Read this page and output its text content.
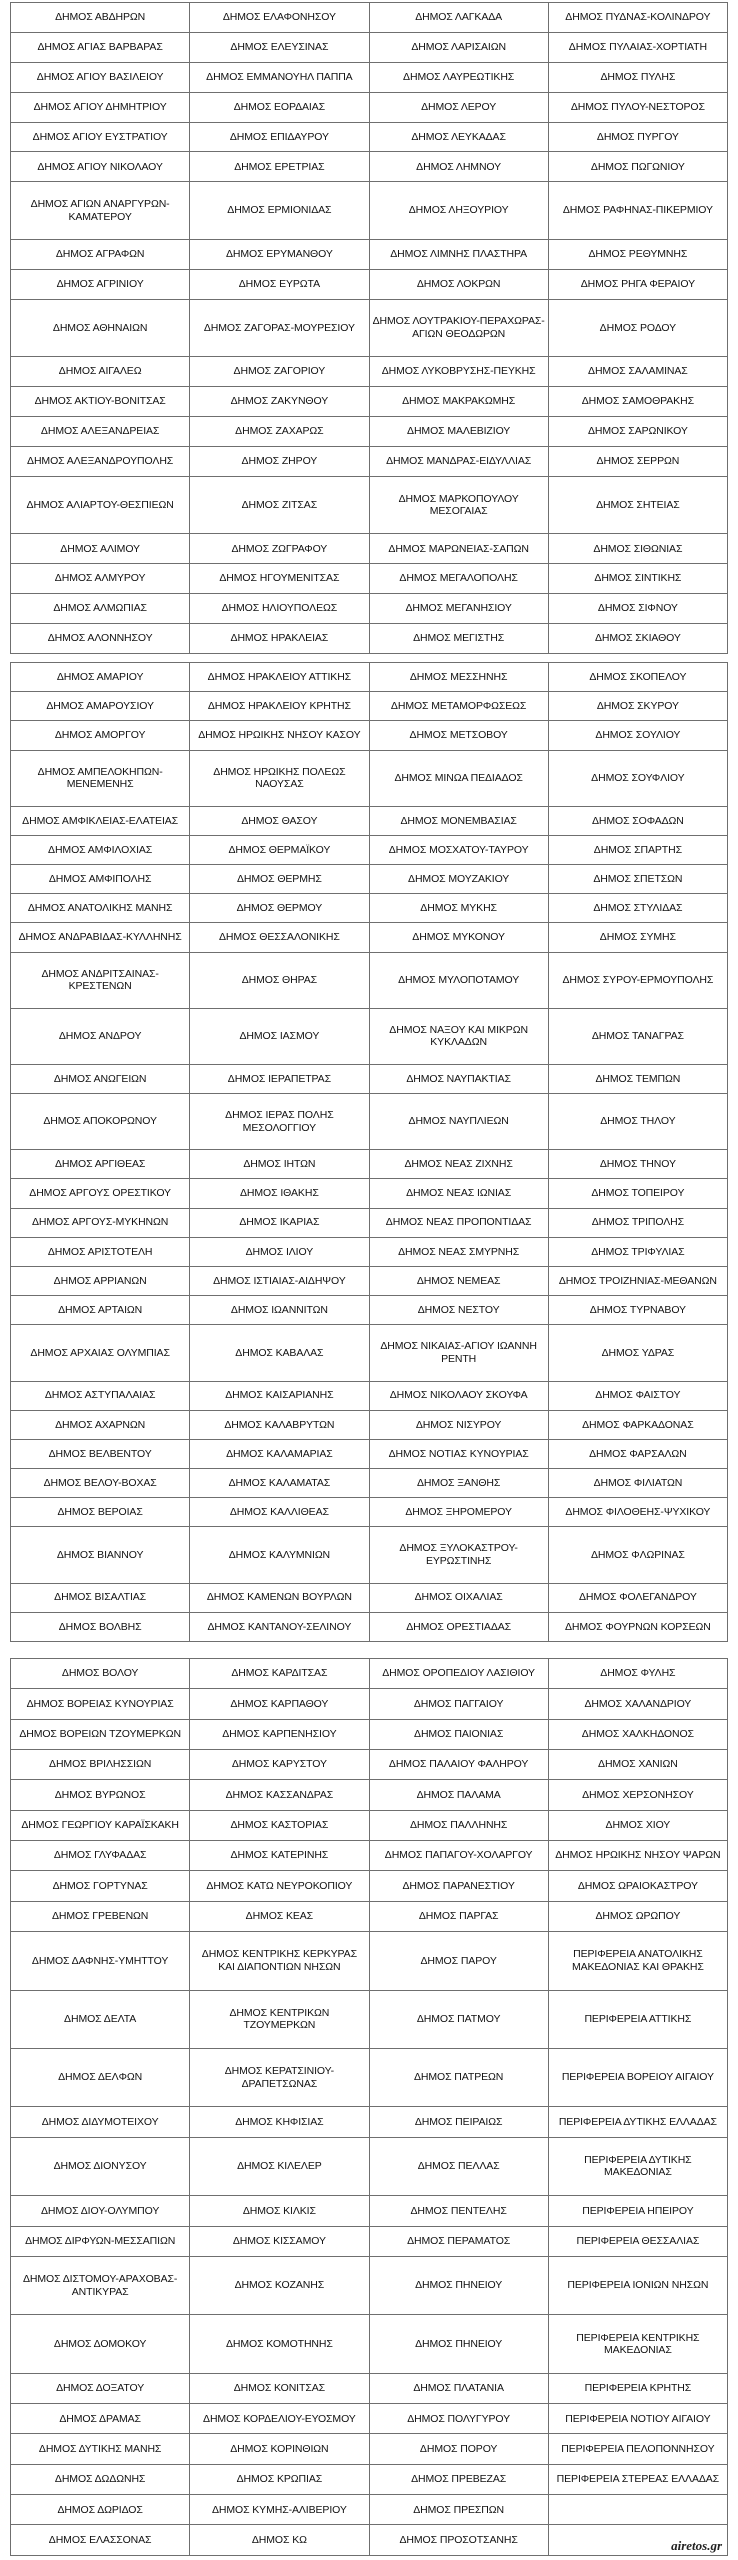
ΔΗΜΟΣ ΑΒΔΗΡΩΝ	ΔΗΜΟΣ ΕΛΑΦΟΝΗΣΟΥ	ΔΗΜΟΣ ΛΑΓΚΑΔΑ	ΔΗΜΟΣ ΠΥΔΝΑΣ-ΚΟΛΙΝΔΡΟΥ
ΔΗΜΟΣ ΑΓΙΑΣ ΒΑΡΒΑΡΑΣ	ΔΗΜΟΣ ΕΛΕΥΣΙΝΑΣ	ΔΗΜΟΣ ΛΑΡΙΣΑΙΩΝ	ΔΗΜΟΣ ΠΥΛΑΙΑΣ-ΧΟΡΤΙΑΤΗ
ΔΗΜΟΣ ΑΓΙΟΥ ΒΑΣΙΛΕΙΟΥ	ΔΗΜΟΣ ΕΜΜΑΝΟΥΗΛ ΠΑΠΠΑ	ΔΗΜΟΣ ΛΑΥΡΕΩΤΙΚΗΣ	ΔΗΜΟΣ ΠΥΛΗΣ
ΔΗΜΟΣ ΑΓΙΟΥ ΔΗΜΗΤΡΙΟΥ	ΔΗΜΟΣ ΕΟΡΔΑΙΑΣ	ΔΗΜΟΣ ΛΕΡΟΥ	ΔΗΜΟΣ ΠΥΛΟΥ-ΝΕΣΤΟΡΟΣ
ΔΗΜΟΣ ΑΓΙΟΥ ΕΥΣΤΡΑΤΙΟΥ	ΔΗΜΟΣ ΕΠΙΔΑΥΡΟΥ	ΔΗΜΟΣ ΛΕΥΚΑΔΑΣ	ΔΗΜΟΣ ΠΥΡΓΟΥ
ΔΗΜΟΣ ΑΓΙΟΥ ΝΙΚΟΛΑΟΥ	ΔΗΜΟΣ ΕΡΕΤΡΙΑΣ	ΔΗΜΟΣ ΛΗΜΝΟΥ	ΔΗΜΟΣ ΠΩΓΩΝΙΟΥ
ΔΗΜΟΣ ΑΓΙΩΝ ΑΝΑΡΓΥΡΩΝ-ΚΑΜΑΤΕΡΟΥ	ΔΗΜΟΣ ΕΡΜΙΟΝΙΔΑΣ	ΔΗΜΟΣ ΛΗΞΟΥΡΙΟΥ	ΔΗΜΟΣ ΡΑΦΗΝΑΣ-ΠΙΚΕΡΜΙΟΥ
ΔΗΜΟΣ ΑΓΡΑΦΩΝ	ΔΗΜΟΣ ΕΡΥΜΑΝΘΟΥ	ΔΗΜΟΣ ΛΙΜΝΗΣ ΠΛΑΣΤΗΡΑ	ΔΗΜΟΣ ΡΕΘΥΜΝΗΣ
ΔΗΜΟΣ ΑΓΡΙΝΙΟΥ	ΔΗΜΟΣ ΕΥΡΩΤΑ	ΔΗΜΟΣ ΛΟΚΡΩΝ	ΔΗΜΟΣ ΡΗΓΑ ΦΕΡΑΙΟΥ
ΔΗΜΟΣ ΑΘΗΝΑΙΩΝ	ΔΗΜΟΣ ΖΑΓΟΡΑΣ-ΜΟΥΡΕΣΙΟΥ	ΔΗΜΟΣ ΛΟΥΤΡΑΚΙΟΥ-ΠΕΡΑΧΩΡΑΣ-ΑΓΙΩΝ ΘΕΟΔΩΡΩΝ	ΔΗΜΟΣ ΡΟΔΟΥ
ΔΗΜΟΣ ΑΙΓΑΛΕΩ	ΔΗΜΟΣ ΖΑΓΟΡΙΟΥ	ΔΗΜΟΣ ΛΥΚΟΒΡΥΣΗΣ-ΠΕΥΚΗΣ	ΔΗΜΟΣ ΣΑΛΑΜΙΝΑΣ
ΔΗΜΟΣ ΑΚΤΙΟΥ-ΒΟΝΙΤΣΑΣ	ΔΗΜΟΣ ΖΑΚΥΝΘΟΥ	ΔΗΜΟΣ ΜΑΚΡΑΚΩΜΗΣ	ΔΗΜΟΣ ΣΑΜΟΘΡΑΚΗΣ
ΔΗΜΟΣ ΑΛΕΞΑΝΔΡΕΙΑΣ	ΔΗΜΟΣ ΖΑΧΑΡΩΣ	ΔΗΜΟΣ ΜΑΛΕΒΙΖΙΟΥ	ΔΗΜΟΣ ΣΑΡΩΝΙΚΟΥ
ΔΗΜΟΣ ΑΛΕΞΑΝΔΡΟΥΠΟΛΗΣ	ΔΗΜΟΣ ΖΗΡΟΥ	ΔΗΜΟΣ ΜΑΝΔΡΑΣ-ΕΙΔΥΛΛΙΑΣ	ΔΗΜΟΣ ΣΕΡΡΩΝ
ΔΗΜΟΣ ΑΛΙΑΡΤΟΥ-ΘΕΣΠΙΕΩΝ	ΔΗΜΟΣ ΖΙΤΣΑΣ	ΔΗΜΟΣ ΜΑΡΚΟΠΟΥΛΟΥ ΜΕΣΟΓΑΙΑΣ	ΔΗΜΟΣ ΣΗΤΕΙΑΣ
ΔΗΜΟΣ ΑΛΙΜΟΥ	ΔΗΜΟΣ ΖΩΓΡΑΦΟΥ	ΔΗΜΟΣ ΜΑΡΩΝΕΙΑΣ-ΣΑΠΩΝ	ΔΗΜΟΣ ΣΙΘΩΝΙΑΣ
ΔΗΜΟΣ ΑΛΜΥΡΟΥ	ΔΗΜΟΣ ΗΓΟΥΜΕΝΙΤΣΑΣ	ΔΗΜΟΣ ΜΕΓΑΛΟΠΟΛΗΣ	ΔΗΜΟΣ ΣΙΝΤΙΚΗΣ
ΔΗΜΟΣ ΑΛΜΩΠΙΑΣ	ΔΗΜΟΣ ΗΛΙΟΥΠΟΛΕΩΣ	ΔΗΜΟΣ ΜΕΓΑΝΗΣΙΟΥ	ΔΗΜΟΣ ΣΙΦΝΟΥ
ΔΗΜΟΣ ΑΛΟΝΝΗΣΟΥ	ΔΗΜΟΣ ΗΡΑΚΛΕΙΑΣ	ΔΗΜΟΣ ΜΕΓΙΣΤΗΣ	ΔΗΜΟΣ ΣΚΙΑΘΟΥ
ΔΗΜΟΣ ΑΜΑΡΙΟΥ	ΔΗΜΟΣ ΗΡΑΚΛΕΙΟΥ ΑΤΤΙΚΗΣ	ΔΗΜΟΣ ΜΕΣΣΗΝΗΣ	ΔΗΜΟΣ ΣΚΟΠΕΛΟΥ
ΔΗΜΟΣ ΑΜΑΡΟΥΣΙΟΥ	ΔΗΜΟΣ ΗΡΑΚΛΕΙΟΥ ΚΡΗΤΗΣ	ΔΗΜΟΣ ΜΕΤΑΜΟΡΦΩΣΕΩΣ	ΔΗΜΟΣ ΣΚΥΡΟΥ
ΔΗΜΟΣ ΑΜΟΡΓΟΥ	ΔΗΜΟΣ ΗΡΩΙΚΗΣ ΝΗΣΟΥ ΚΑΣΟΥ	ΔΗΜΟΣ ΜΕΤΣΟΒΟΥ	ΔΗΜΟΣ ΣΟΥΛΙΟΥ
ΔΗΜΟΣ ΑΜΠΕΛΟΚΗΠΩΝ-ΜΕΝΕΜΕΝΗΣ	ΔΗΜΟΣ ΗΡΩΙΚΗΣ ΠΟΛΕΩΣ ΝΑΟΥΣΑΣ	ΔΗΜΟΣ ΜΙΝΩΑ ΠΕΔΙΑΔΟΣ	ΔΗΜΟΣ ΣΟΥΦΛΙΟΥ
ΔΗΜΟΣ ΑΜΦΙΚΛΕΙΑΣ-ΕΛΑΤΕΙΑΣ	ΔΗΜΟΣ ΘΑΣΟΥ	ΔΗΜΟΣ ΜΟΝΕΜΒΑΣΙΑΣ	ΔΗΜΟΣ ΣΟΦΑΔΩΝ
ΔΗΜΟΣ ΑΜΦΙΛΟΧΙΑΣ	ΔΗΜΟΣ ΘΕΡΜΑΪΚΟΥ	ΔΗΜΟΣ ΜΟΣΧΑΤΟΥ-ΤΑΥΡΟΥ	ΔΗΜΟΣ ΣΠΑΡΤΗΣ
ΔΗΜΟΣ ΑΜΦΙΠΟΛΗΣ	ΔΗΜΟΣ ΘΕΡΜΗΣ	ΔΗΜΟΣ ΜΟΥΖΑΚΙΟΥ	ΔΗΜΟΣ ΣΠΕΤΣΩΝ
ΔΗΜΟΣ ΑΝΑΤΟΛΙΚΗΣ ΜΑΝΗΣ	ΔΗΜΟΣ ΘΕΡΜΟΥ	ΔΗΜΟΣ ΜΥΚΗΣ	ΔΗΜΟΣ ΣΤΥΛΙΔΑΣ
ΔΗΜΟΣ ΑΝΔΡΑΒΙΔΑΣ-ΚΥΛΛΗΝΗΣ	ΔΗΜΟΣ ΘΕΣΣΑΛΟΝΙΚΗΣ	ΔΗΜΟΣ ΜΥΚΟΝΟΥ	ΔΗΜΟΣ ΣΥΜΗΣ
ΔΗΜΟΣ ΑΝΔΡΙΤΣΑΙΝΑΣ-ΚΡΕΣΤΕΝΩΝ	ΔΗΜΟΣ ΘΗΡΑΣ	ΔΗΜΟΣ ΜΥΛΟΠΟΤΑΜΟΥ	ΔΗΜΟΣ ΣΥΡΟΥ-ΕΡΜΟΥΠΟΛΗΣ
ΔΗΜΟΣ ΑΝΔΡΟΥ	ΔΗΜΟΣ ΙΑΣΜΟΥ	ΔΗΜΟΣ ΝΑΞΟΥ ΚΑΙ ΜΙΚΡΩΝ ΚΥΚΛΑΔΩΝ	ΔΗΜΟΣ ΤΑΝΑΓΡΑΣ
ΔΗΜΟΣ ΑΝΩΓΕΙΩΝ	ΔΗΜΟΣ ΙΕΡΑΠΕΤΡΑΣ	ΔΗΜΟΣ ΝΑΥΠΑΚΤΙΑΣ	ΔΗΜΟΣ ΤΕΜΠΩΝ
ΔΗΜΟΣ ΑΠΟΚΟΡΩΝΟΥ	ΔΗΜΟΣ ΙΕΡΑΣ ΠΟΛΗΣ ΜΕΣΟΛΟΓΓΙΟΥ	ΔΗΜΟΣ ΝΑΥΠΛΙΕΩΝ	ΔΗΜΟΣ ΤΗΛΟΥ
ΔΗΜΟΣ ΑΡΓΙΘΕΑΣ	ΔΗΜΟΣ ΙΗΤΩΝ	ΔΗΜΟΣ ΝΕΑΣ ΖΙΧΝΗΣ	ΔΗΜΟΣ ΤΗΝΟΥ
ΔΗΜΟΣ ΑΡΓΟΥΣ ΟΡΕΣΤΙΚΟΥ	ΔΗΜΟΣ ΙΘΑΚΗΣ	ΔΗΜΟΣ ΝΕΑΣ ΙΩΝΙΑΣ	ΔΗΜΟΣ ΤΟΠΕΙΡΟΥ
ΔΗΜΟΣ ΑΡΓΟΥΣ-ΜΥΚΗΝΩΝ	ΔΗΜΟΣ ΙΚΑΡΙΑΣ	ΔΗΜΟΣ ΝΕΑΣ ΠΡΟΠΟΝΤΙΔΑΣ	ΔΗΜΟΣ ΤΡΙΠΟΛΗΣ
ΔΗΜΟΣ ΑΡΙΣΤΟΤΕΛΗ	ΔΗΜΟΣ ΙΛΙΟΥ	ΔΗΜΟΣ ΝΕΑΣ ΣΜΥΡΝΗΣ	ΔΗΜΟΣ ΤΡΙΦΥΛΙΑΣ
ΔΗΜΟΣ ΑΡΡΙΑΝΩΝ	ΔΗΜΟΣ ΙΣΤΙΑΙΑΣ-ΑΙΔΗΨΟΥ	ΔΗΜΟΣ ΝΕΜΕΑΣ	ΔΗΜΟΣ ΤΡΟΙΖΗΝΙΑΣ-ΜΕΘΑΝΩΝ
ΔΗΜΟΣ ΑΡΤΑΙΩΝ	ΔΗΜΟΣ ΙΩΑΝΝΙΤΩΝ	ΔΗΜΟΣ ΝΕΣΤΟΥ	ΔΗΜΟΣ ΤΥΡΝΑΒΟΥ
ΔΗΜΟΣ ΑΡΧΑΙΑΣ ΟΛΥΜΠΙΑΣ	ΔΗΜΟΣ ΚΑΒΑΛΑΣ	ΔΗΜΟΣ ΝΙΚΑΙΑΣ-ΑΓΙΟΥ ΙΩΑΝΝΗ ΡΕΝΤΗ	ΔΗΜΟΣ ΥΔΡΑΣ
ΔΗΜΟΣ ΑΣΤΥΠΑΛΑΙΑΣ	ΔΗΜΟΣ ΚΑΙΣΑΡΙΑΝΗΣ	ΔΗΜΟΣ ΝΙΚΟΛΑΟΥ ΣΚΟΥΦΑ	ΔΗΜΟΣ ΦΑΙΣΤΟΥ
ΔΗΜΟΣ ΑΧΑΡΝΩΝ	ΔΗΜΟΣ ΚΑΛΑΒΡΥΤΩΝ	ΔΗΜΟΣ ΝΙΣΥΡΟΥ	ΔΗΜΟΣ ΦΑΡΚΑΔΟΝΑΣ
ΔΗΜΟΣ ΒΕΛΒΕΝΤΟΥ	ΔΗΜΟΣ ΚΑΛΑΜΑΡΙΑΣ	ΔΗΜΟΣ ΝΟΤΙΑΣ ΚΥΝΟΥΡΙΑΣ	ΔΗΜΟΣ ΦΑΡΣΑΛΩΝ
ΔΗΜΟΣ ΒΕΛΟΥ-ΒΟΧΑΣ	ΔΗΜΟΣ ΚΑΛΑΜΑΤΑΣ	ΔΗΜΟΣ ΞΑΝΘΗΣ	ΔΗΜΟΣ ΦΙΛΙΑΤΩΝ
ΔΗΜΟΣ ΒΕΡΟΙΑΣ	ΔΗΜΟΣ ΚΑΛΛΙΘΕΑΣ	ΔΗΜΟΣ ΞΗΡΟΜΕΡΟΥ	ΔΗΜΟΣ ΦΙΛΟΘΕΗΣ-ΨΥΧΙΚΟΥ
ΔΗΜΟΣ ΒΙΑΝΝΟΥ	ΔΗΜΟΣ ΚΑΛΥΜΝΙΩΝ	ΔΗΜΟΣ ΞΥΛΟΚΑΣΤΡΟΥ-ΕΥΡΩΣΤΙΝΗΣ	ΔΗΜΟΣ ΦΛΩΡΙΝΑΣ
ΔΗΜΟΣ ΒΙΣΑΛΤΙΑΣ	ΔΗΜΟΣ ΚΑΜΕΝΩΝ ΒΟΥΡΛΩΝ	ΔΗΜΟΣ ΟΙΧΑΛΙΑΣ	ΔΗΜΟΣ ΦΟΛΕΓΑΝΔΡΟΥ
ΔΗΜΟΣ ΒΟΛΒΗΣ	ΔΗΜΟΣ ΚΑΝΤΑΝΟΥ-ΣΕΛΙΝΟΥ	ΔΗΜΟΣ ΟΡΕΣΤΙΑΔΑΣ	ΔΗΜΟΣ ΦΟΥΡΝΩΝ ΚΟΡΣΕΩΝ
ΔΗΜΟΣ ΒΟΛΟΥ	ΔΗΜΟΣ ΚΑΡΔΙΤΣΑΣ	ΔΗΜΟΣ ΟΡΟΠΕΔΙΟΥ ΛΑΣΙΘΙΟΥ	ΔΗΜΟΣ ΦΥΛΗΣ
ΔΗΜΟΣ ΒΟΡΕΙΑΣ ΚΥΝΟΥΡΙΑΣ	ΔΗΜΟΣ ΚΑΡΠΑΘΟΥ	ΔΗΜΟΣ ΠΑΓΓΑΙΟΥ	ΔΗΜΟΣ ΧΑΛΑΝΔΡΙΟΥ
ΔΗΜΟΣ ΒΟΡΕΙΩΝ ΤΖΟΥΜΕΡΚΩΝ	ΔΗΜΟΣ ΚΑΡΠΕΝΗΣΙΟΥ	ΔΗΜΟΣ ΠΑΙΟΝΙΑΣ	ΔΗΜΟΣ ΧΑΛΚΗΔΟΝΟΣ
ΔΗΜΟΣ ΒΡΙΛΗΣΣΙΩΝ	ΔΗΜΟΣ ΚΑΡΥΣΤΟΥ	ΔΗΜΟΣ ΠΑΛΑΙΟΥ ΦΑΛΗΡΟΥ	ΔΗΜΟΣ ΧΑΝΙΩΝ
ΔΗΜΟΣ ΒΥΡΩΝΟΣ	ΔΗΜΟΣ ΚΑΣΣΑΝΔΡΑΣ	ΔΗΜΟΣ ΠΑΛΑΜΑ	ΔΗΜΟΣ ΧΕΡΣΟΝΗΣΟΥ
ΔΗΜΟΣ ΓΕΩΡΓΙΟΥ ΚΑΡΑΪΣΚΑΚΗ	ΔΗΜΟΣ ΚΑΣΤΟΡΙΑΣ	ΔΗΜΟΣ ΠΑΛΛΗΝΗΣ	ΔΗΜΟΣ ΧΙΟΥ
ΔΗΜΟΣ ΓΛΥΦΑΔΑΣ	ΔΗΜΟΣ ΚΑΤΕΡΙΝΗΣ	ΔΗΜΟΣ ΠΑΠΑΓΟΥ-ΧΟΛΑΡΓΟΥ	ΔΗΜΟΣ ΗΡΩΙΚΗΣ ΝΗΣΟΥ ΨΑΡΩΝ
ΔΗΜΟΣ ΓΟΡΤΥΝΑΣ	ΔΗΜΟΣ ΚΑΤΩ ΝΕΥΡΟΚΟΠΙΟΥ	ΔΗΜΟΣ ΠΑΡΑΝΕΣΤΙΟΥ	ΔΗΜΟΣ ΩΡΑΙΟΚΑΣΤΡΟΥ
ΔΗΜΟΣ ΓΡΕΒΕΝΩΝ	ΔΗΜΟΣ ΚΕΑΣ	ΔΗΜΟΣ ΠΑΡΓΑΣ	ΔΗΜΟΣ ΩΡΩΠΟΥ
ΔΗΜΟΣ ΔΑΦΝΗΣ-ΥΜΗΤΤΟΥ	ΔΗΜΟΣ ΚΕΝΤΡΙΚΗΣ ΚΕΡΚΥΡΑΣ ΚΑΙ ΔΙΑΠΟΝΤΙΩΝ ΝΗΣΩΝ	ΔΗΜΟΣ ΠΑΡΟΥ	ΠΕΡΙΦΕΡΕΙΑ ΑΝΑΤΟΛΙΚΗΣ ΜΑΚΕΔΟΝΙΑΣ ΚΑΙ ΘΡΑΚΗΣ
ΔΗΜΟΣ ΔΕΛΤΑ	ΔΗΜΟΣ ΚΕΝΤΡΙΚΩΝ ΤΖΟΥΜΕΡΚΩΝ	ΔΗΜΟΣ ΠΑΤΜΟΥ	ΠΕΡΙΦΕΡΕΙΑ ΑΤΤΙΚΗΣ
ΔΗΜΟΣ ΔΕΛΦΩΝ	ΔΗΜΟΣ ΚΕΡΑΤΣΙΝΙΟΥ-ΔΡΑΠΕΤΣΩΝΑΣ	ΔΗΜΟΣ ΠΑΤΡΕΩΝ	ΠΕΡΙΦΕΡΕΙΑ ΒΟΡΕΙΟΥ ΑΙΓΑΙΟΥ
ΔΗΜΟΣ ΔΙΔΥΜΟΤΕΙΧΟΥ	ΔΗΜΟΣ ΚΗΦΙΣΙΑΣ	ΔΗΜΟΣ ΠΕΙΡΑΙΩΣ	ΠΕΡΙΦΕΡΕΙΑ ΔΥΤΙΚΗΣ ΕΛΛΑΔΑΣ
ΔΗΜΟΣ ΔΙΟΝΥΣΟΥ	ΔΗΜΟΣ ΚΙΛΕΛΕΡ	ΔΗΜΟΣ ΠΕΛΛΑΣ	ΠΕΡΙΦΕΡΕΙΑ ΔΥΤΙΚΗΣ ΜΑΚΕΔΟΝΙΑΣ
ΔΗΜΟΣ ΔΙΟΥ-ΟΛΥΜΠΟΥ	ΔΗΜΟΣ ΚΙΛΚΙΣ	ΔΗΜΟΣ ΠΕΝΤΕΛΗΣ	ΠΕΡΙΦΕΡΕΙΑ ΗΠΕΙΡΟΥ
ΔΗΜΟΣ ΔΙΡΦΥΩΝ-ΜΕΣΣΑΠΙΩΝ	ΔΗΜΟΣ ΚΙΣΣΑΜΟΥ	ΔΗΜΟΣ ΠΕΡΑΜΑΤΟΣ	ΠΕΡΙΦΕΡΕΙΑ ΘΕΣΣΑΛΙΑΣ
ΔΗΜΟΣ ΔΙΣΤΟΜΟΥ-ΑΡΑΧΟΒΑΣ-ΑΝΤΙΚΥΡΑΣ	ΔΗΜΟΣ ΚΟΖΑΝΗΣ	ΔΗΜΟΣ ΠΗΝΕΙΟΥ	ΠΕΡΙΦΕΡΕΙΑ ΙΟΝΙΩΝ ΝΗΣΩΝ
ΔΗΜΟΣ ΔΟΜΟΚΟΥ	ΔΗΜΟΣ ΚΟΜΟΤΗΝΗΣ	ΔΗΜΟΣ ΠΗΝΕΙΟΥ	ΠΕΡΙΦΕΡΕΙΑ ΚΕΝΤΡΙΚΗΣ ΜΑΚΕΔΟΝΙΑΣ
ΔΗΜΟΣ ΔΟΞΑΤΟΥ	ΔΗΜΟΣ ΚΟΝΙΤΣΑΣ	ΔΗΜΟΣ ΠΛΑΤΑΝΙΑ	ΠΕΡΙΦΕΡΕΙΑ ΚΡΗΤΗΣ
ΔΗΜΟΣ ΔΡΑΜΑΣ	ΔΗΜΟΣ ΚΟΡΔΕΛΙΟΥ-ΕΥΟΣΜΟΥ	ΔΗΜΟΣ ΠΟΛΥΓΥΡΟΥ	ΠΕΡΙΦΕΡΕΙΑ ΝΟΤΙΟΥ ΑΙΓΑΙΟΥ
ΔΗΜΟΣ ΔΥΤΙΚΗΣ ΜΑΝΗΣ	ΔΗΜΟΣ ΚΟΡΙΝΘΙΩΝ	ΔΗΜΟΣ ΠΟΡΟΥ	ΠΕΡΙΦΕΡΕΙΑ ΠΕΛΟΠΟΝΝΗΣΟΥ
ΔΗΜΟΣ ΔΩΔΩΝΗΣ	ΔΗΜΟΣ ΚΡΩΠΙΑΣ	ΔΗΜΟΣ ΠΡΕΒΕΖΑΣ	ΠΕΡΙΦΕΡΕΙΑ ΣΤΕΡΕΑΣ ΕΛΛΑΔΑΣ
ΔΗΜΟΣ ΔΩΡΙΔΟΣ	ΔΗΜΟΣ ΚΥΜΗΣ-ΑΛΙΒΕΡΙΟΥ	ΔΗΜΟΣ ΠΡΕΣΠΩΝ	
ΔΗΜΟΣ ΕΛΑΣΣΟΝΑΣ	ΔΗΜΟΣ ΚΩ	ΔΗΜΟΣ ΠΡΟΣΟΤΣΑΝΗΣ		airetos.gr
